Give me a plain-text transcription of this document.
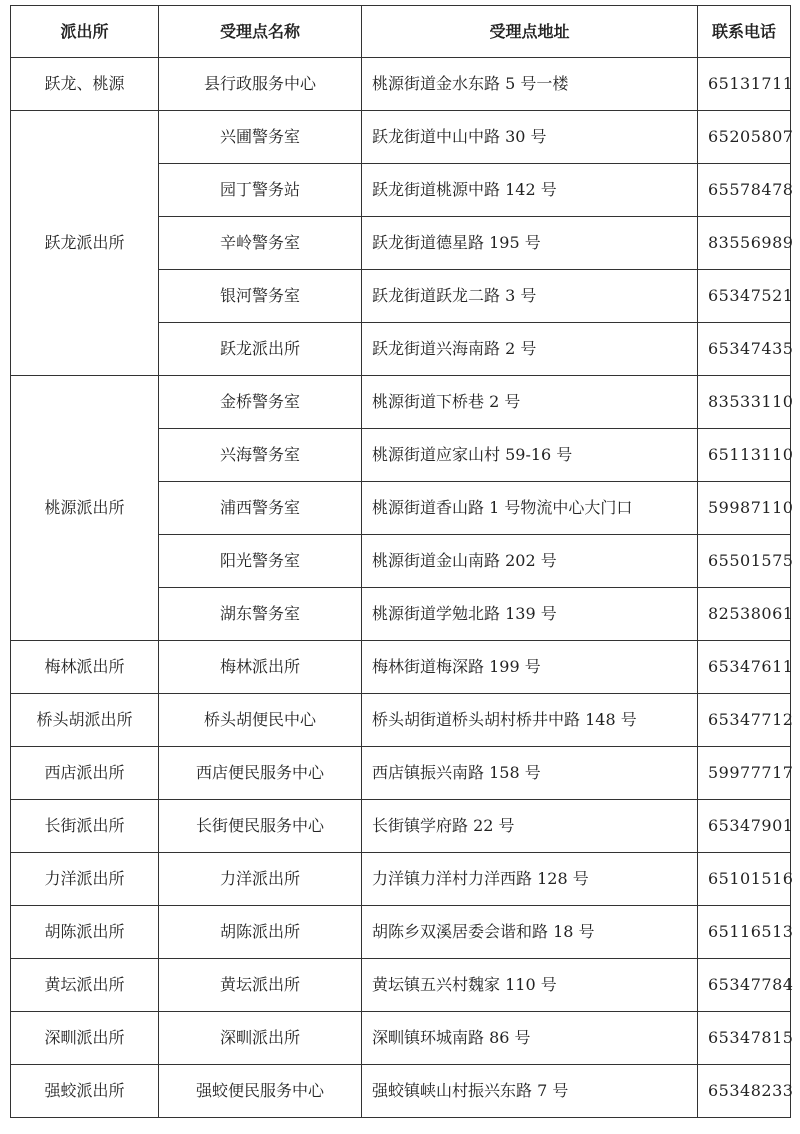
派出所	受理点名称	受理点地址	联系电话
跃龙、桃源	县行政服务中心	桃源街道金水东路 5 号一楼	65131711
跃龙派出所	兴圃警务室	跃龙街道中山中路 30 号	65205807
	园丁警务站	跃龙街道桃源中路 142 号	65578478
	辛岭警务室	跃龙街道德星路 195 号	83556989
	银河警务室	跃龙街道跃龙二路 3 号	65347521
	跃龙派出所	跃龙街道兴海南路 2 号	65347435
桃源派出所	金桥警务室	桃源街道下桥巷 2 号	83533110
	兴海警务室	桃源街道应家山村 59-16 号	65113110
	浦西警务室	桃源街道香山路 1 号物流中心大门口	59987110
	阳光警务室	桃源街道金山南路 202 号	65501575
	湖东警务室	桃源街道学勉北路 139 号	82538061
梅林派出所	梅林派出所	梅林街道梅深路 199 号	65347611
桥头胡派出所	桥头胡便民中心	桥头胡街道桥头胡村桥井中路 148 号	65347712
西店派出所	西店便民服务中心	西店镇振兴南路 158 号	59977717
长街派出所	长街便民服务中心	长街镇学府路 22 号	65347901
力洋派出所	力洋派出所	力洋镇力洋村力洋西路 128 号	65101516
胡陈派出所	胡陈派出所	胡陈乡双溪居委会谐和路 18 号	65116513
黄坛派出所	黄坛派出所	黄坛镇五兴村魏家 110 号	65347784
深甽派出所	深甽派出所	深甽镇环城南路 86 号	65347815
强蛟派出所	强蛟便民服务中心	强蛟镇峡山村振兴东路 7 号	65348233
